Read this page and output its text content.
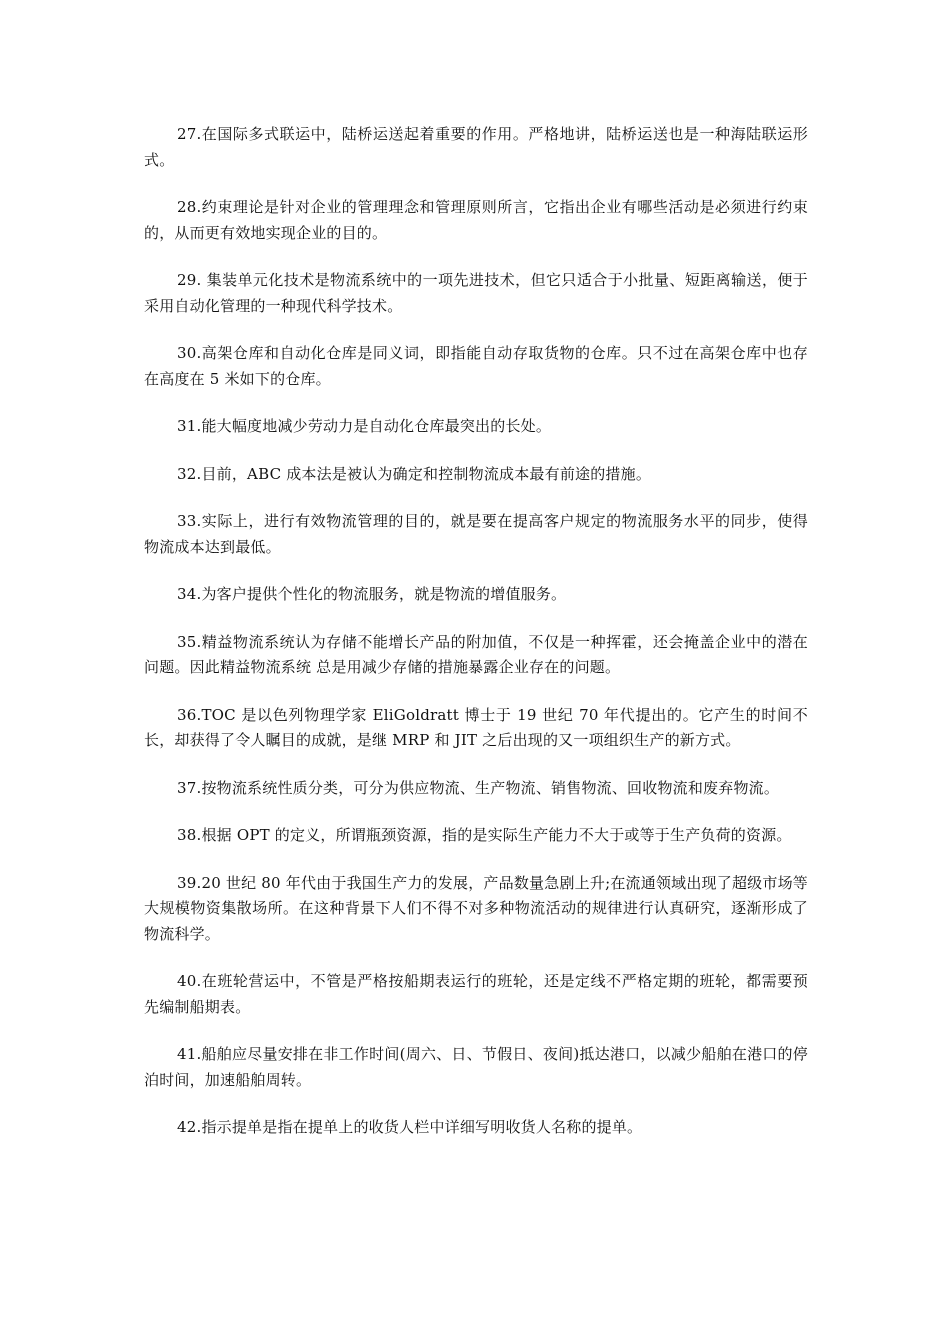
27.在国际多式联运中，陆桥运送起着重要的作用。严格地讲，陆桥运送也是一种海陆联运形式。

28.约束理论是针对企业的管理理念和管理原则所言，它指出企业有哪些活动是必须进行约束的，从而更有效地实现企业的目的。

29. 集装单元化技术是物流系统中的一项先进技术，但它只适合于小批量、短距离输送，便于采用自动化管理的一种现代科学技术。

30.高架仓库和自动化仓库是同义词，即指能自动存取货物的仓库。只不过在高架仓库中也存在高度在 5 米如下的仓库。

31.能大幅度地减少劳动力是自动化仓库最突出的长处。

32.目前，ABC 成本法是被认为确定和控制物流成本最有前途的措施。

33.实际上，进行有效物流管理的目的，就是要在提高客户规定的物流服务水平的同步，使得物流成本达到最低。

34.为客户提供个性化的物流服务，就是物流的增值服务。

35.精益物流系统认为存储不能增长产品的附加值，不仅是一种挥霍，还会掩盖企业中的潜在问题。因此精益物流系统 总是用减少存储的措施暴露企业存在的问题。

36.TOC 是以色列物理学家 EliGoldratt 博士于 19 世纪 70 年代提出的。它产生的时间不长，却获得了令人瞩目的成就，是继 MRP 和 JIT 之后出现的又一项组织生产的新方式。

37.按物流系统性质分类，可分为供应物流、生产物流、销售物流、回收物流和废弃物流。

38.根据 OPT 的定义，所谓瓶颈资源，指的是实际生产能力不大于或等于生产负荷的资源。

39.20 世纪 80 年代由于我国生产力的发展，产品数量急剧上升;在流通领域出现了超级市场等大规模物资集散场所。在这种背景下人们不得不对多种物流活动的规律进行认真研究，逐渐形成了物流科学。

40.在班轮营运中，不管是严格按船期表运行的班轮，还是定线不严格定期的班轮，都需要预先编制船期表。

41.船舶应尽量安排在非工作时间(周六、日、节假日、夜间)抵达港口，以减少船舶在港口的停泊时间，加速船舶周转。

42.指示提单是指在提单上的收货人栏中详细写明收货人名称的提单。
